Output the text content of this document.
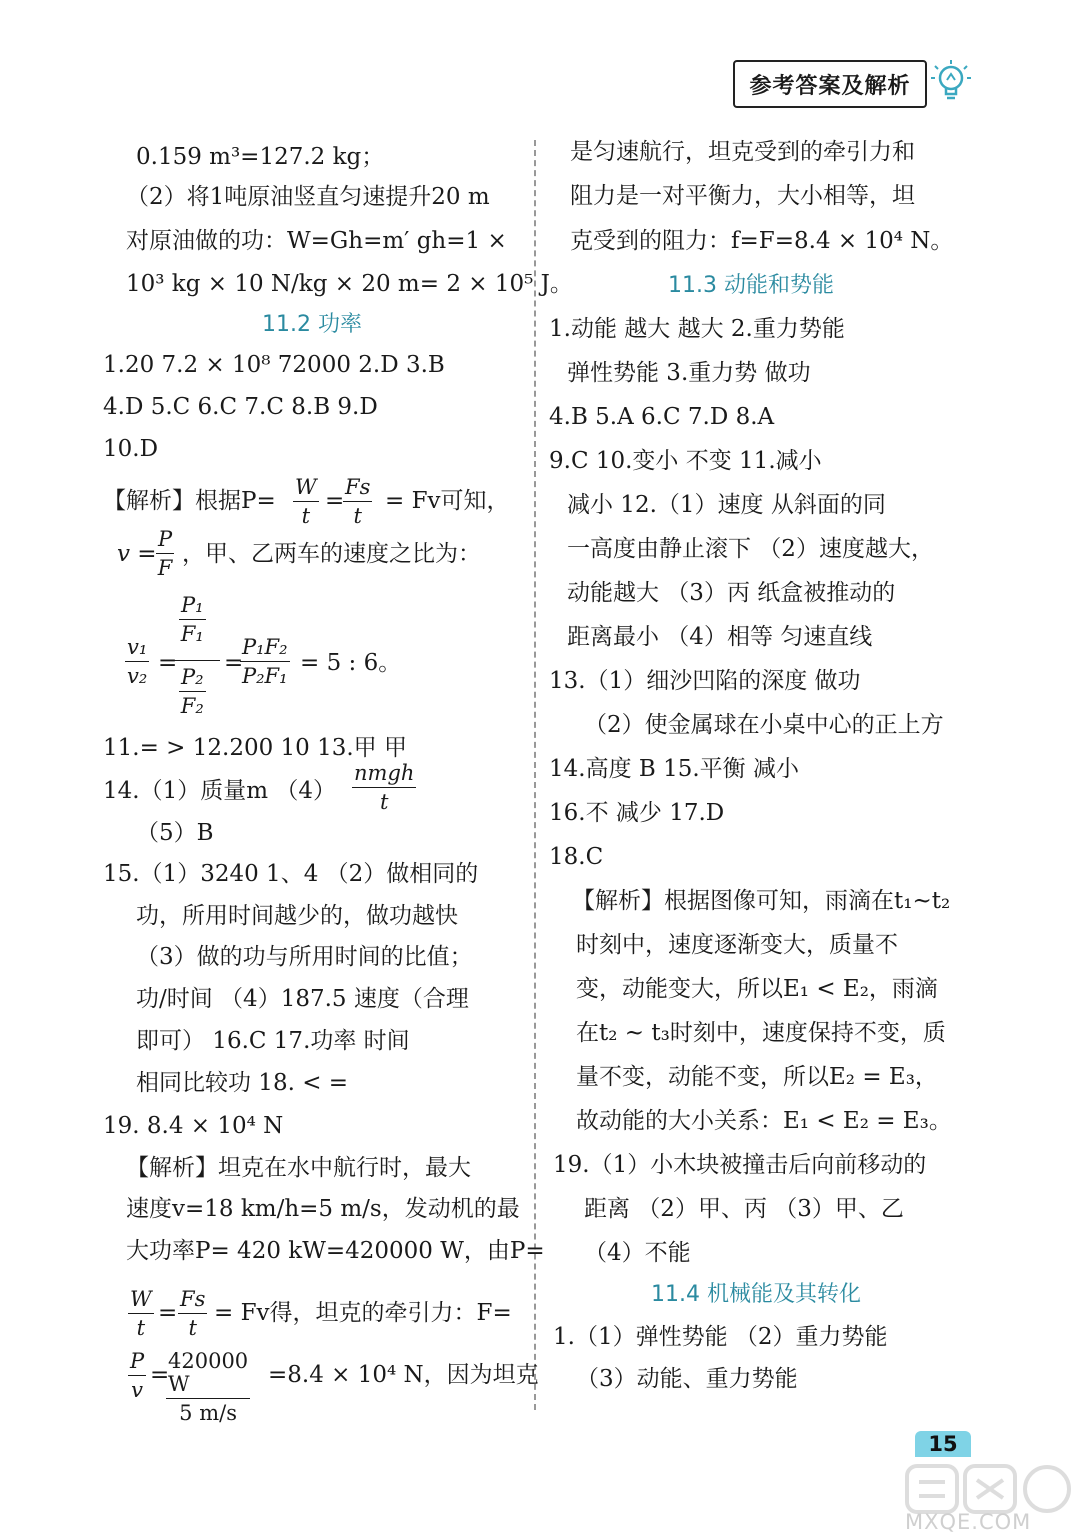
参考答案及解析
0.159 m³=127.2 kg；
（2）将1吨原油竖直匀速提升20 m
对原油做的功：W=Gh=m′ gh=1 ×
10³ kg × 10 N/kg × 20 m= 2 × 10⁵ J。
11.2 功率
1.20 7.2 × 10⁸ 72000 2.D 3.B
4.D 5.C 6.C 7.C 8.B 9.D
10.D
【解析】根据$P= \frac{W}{t}$ =
$\frac{Fs}{t} = Fv$可知，
$v = \frac{P}{F}$ ，甲、乙两车的速度之比为：
$\frac{\text{v₁}}{\text{v₂}}$ =
$\frac{\text{P₁}}{\text{F₁}}$
$\frac{\text{P₂}}{\text{F₂}}$
=
$\frac{\text{P₁F₂}}{\text{P₂F₁}} = 5$ : 6。
11.= > 12.200 10 13.甲 甲
14.（1）质量m （4）
nmgh
t
（5）B
15.（1）3240 1、4 （2）做相同的
功，所用时间越少的，做功越快
（3）做的功与所用时间的比值；
功/时间 （4）187.5 速度（合理
即可） 16.C 17.功率 时间
相同比较功 18. < =
19. 8.4 × 10⁴ N
【解析】坦克在水中航行时，最大
速度v=18 km/h=5 m/s，发动机的最
大功率P= 420 kW=420000 W，由P=
$\frac{W}{t} = \frac{Fs}{t} = Fv$得，坦克的牵引力：F=
$\frac{P}{v}$ =
$\frac{420000 W}{5 m/s} =8.4 \times 10^4$ N，因为坦克
是匀速航行，坦克受到的牵引力和
阻力是一对平衡力，大小相等，坦
克受到的阻力：f=F=8.4 × 10⁴ N。
11.3 动能和势能
1.动能 越大 越大 2.重力势能
弹性势能 3.重力势 做功
4.B 5.A 6.C 7.D 8.A
9.C 10.变小 不变 11.减小
减小 12.（1）速度 从斜面的同
一高度由静止滚下 （2）速度越大，
动能越大 （3）丙 纸盒被推动的
距离最小 （4）相等 匀速直线
13.（1）细沙凹陷的深度 做功
（2）使金属球在小桌中心的正上方
14.高度 B 15.平衡 减小
16.不 减少 17.D
18.C
【解析】根据图像可知，雨滴在t₁~t₂
时刻中，速度逐渐变大，质量不
变，动能变大，所以E₁ < E₂，雨滴
在t₂ ~ t₃时刻中，速度保持不变，质
量不变，动能不变，所以E₂ = E₃，
故动能的大小关系：E₁ < E₂ = E₃。
19.（1）小木块被撞击后向前移动的
距离 （2）甲、丙 （3）甲、乙
（4）不能
11.4 机械能及其转化
1.（1）弹性势能 （2）重力势能
（3）动能、重力势能
15
MXQE.COM
